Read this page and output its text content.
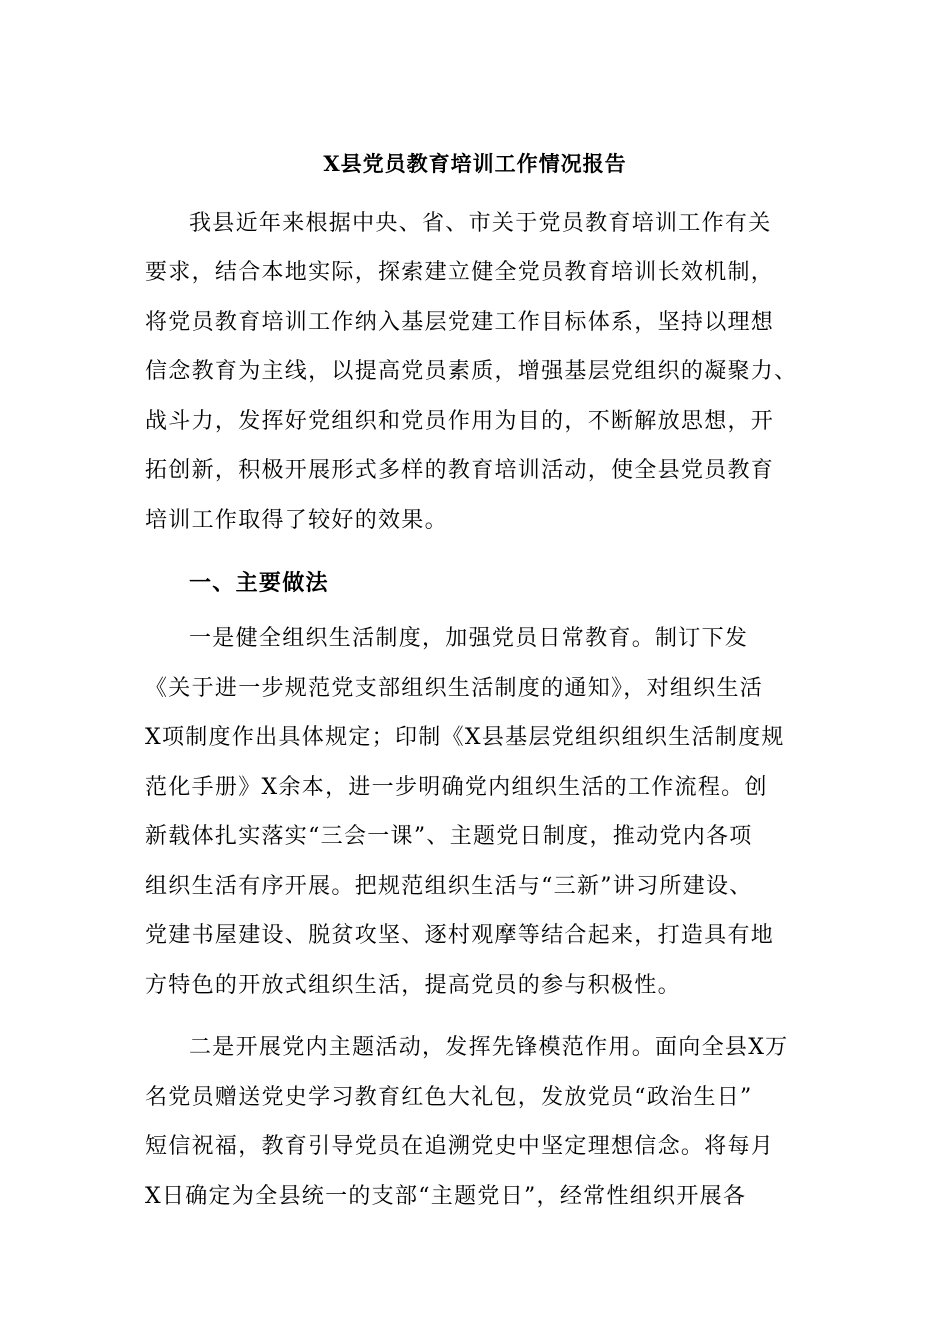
X县党员教育培训工作情况报告
我县近年来根据中央、省、市关于党员教育培训工作有关
要求，结合本地实际，探索建立健全党员教育培训长效机制，
将党员教育培训工作纳入基层党建工作目标体系，坚持以理想
信念教育为主线，以提高党员素质，增强基层党组织的凝聚力、
战斗力，发挥好党组织和党员作用为目的，不断解放思想，开
拓创新，积极开展形式多样的教育培训活动，使全县党员教育
培训工作取得了较好的效果。
一、主要做法
一是健全组织生活制度，加强党员日常教育。制订下发
《关于进一步规范党支部组织生活制度的通知》，对组织生活
X项制度作出具体规定；印制《X县基层党组织组织生活制度规
范化手册》X余本，进一步明确党内组织生活的工作流程。创
新载体扎实落实“三会一课”、主题党日制度，推动党内各项
组织生活有序开展。把规范组织生活与“三新”讲习所建设、
党建书屋建设、脱贫攻坚、逐村观摩等结合起来，打造具有地
方特色的开放式组织生活，提高党员的参与积极性。
二是开展党内主题活动，发挥先锋模范作用。面向全县X万
名党员赠送党史学习教育红色大礼包，发放党员“政治生日”
短信祝福，教育引导党员在追溯党史中坚定理想信念。将每月
X日确定为全县统一的支部“主题党日”，经常性组织开展各
